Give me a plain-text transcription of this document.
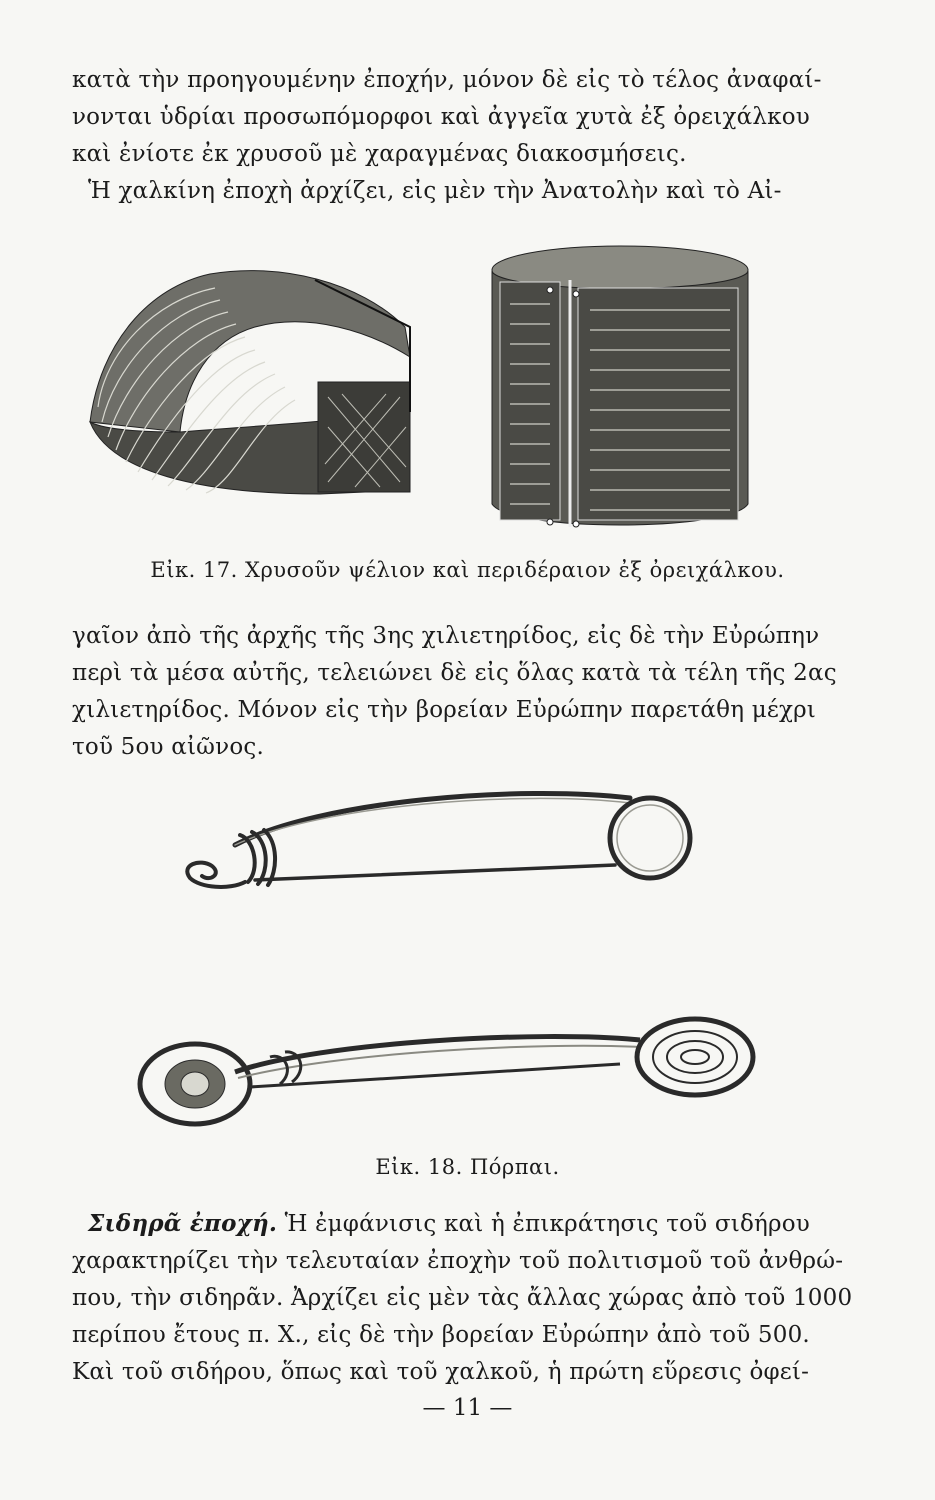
κατὰ τὴν προηγουμένην ἐποχήν, μόνον δὲ εἰς τὸ τέλος ἀναφαί-
νονται ὑδρίαι προσωπόμορφοι καὶ ἀγγεῖα χυτὰ ἐξ ὀρειχάλκου
καὶ ἐνίοτε ἐκ χρυσοῦ μὲ χαραγμένας διακοσμήσεις.
Ἡ χαλκίνη ἐποχὴ ἀρχίζει, εἰς μὲν τὴν Ἀνατολὴν καὶ τὸ Αἰ-
Εἰκ. 17. Χρυσοῦν ψέλιον καὶ περιδέραιον ἐξ ὀρειχάλκου.
γαῖον ἀπὸ τῆς ἀρχῆς τῆς 3ης χιλιετηρίδος, εἰς δὲ τὴν Εὐρώπην
περὶ τὰ μέσα αὐτῆς, τελειώνει δὲ εἰς ὅλας κατὰ τὰ τέλη τῆς 2ας
χιλιετηρίδος. Μόνον εἰς τὴν βορείαν Εὐρώπην παρετάθη μέχρι
τοῦ 5ου αἰῶνος.
Εἰκ. 18. Πόρπαι.
Σιδηρᾶ ἐποχή. Ἡ ἐμφάνισις καὶ ἡ ἐπικράτησις τοῦ σιδήρου
χαρακτηρίζει τὴν τελευταίαν ἐποχὴν τοῦ πολιτισμοῦ τοῦ ἀνθρώ-
που, τὴν σιδηρᾶν. Ἀρχίζει εἰς μὲν τὰς ἄλλας χώρας ἀπὸ τοῦ 1000
περίπου ἔτους π. Χ., εἰς δὲ τὴν βορείαν Εὐρώπην ἀπὸ τοῦ 500.
Καὶ τοῦ σιδήρου, ὅπως καὶ τοῦ χαλκοῦ, ἡ πρώτη εὕρεσις ὀφεί-
— 11 —
